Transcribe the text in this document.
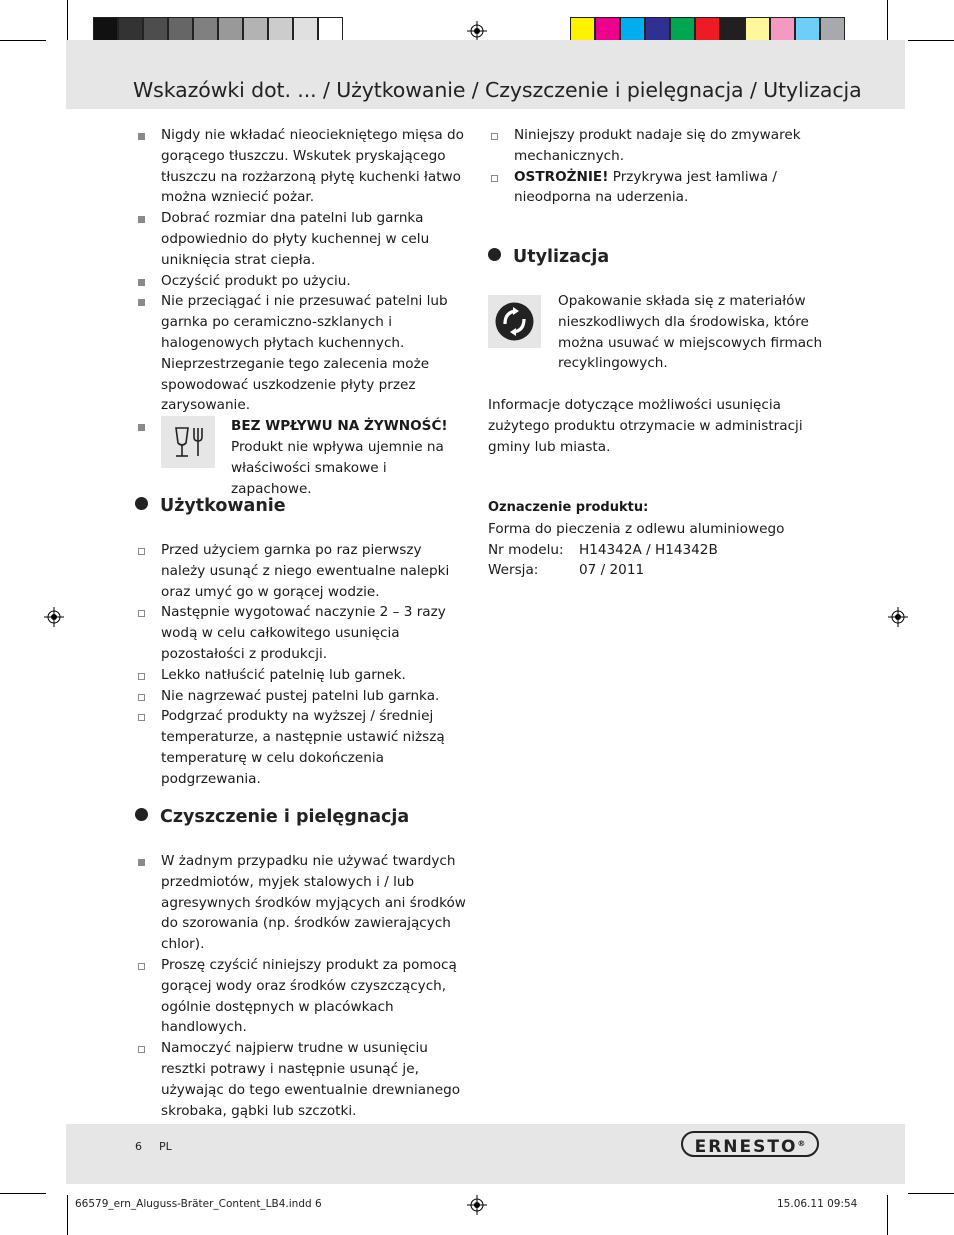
Wskazówki dot. ... / Użytkowanie / Czyszczenie i pielęgnacja / Utylizacja
Nigdy nie wkładać nieociekniętego mięsa do gorącego tłuszczu. Wskutek pryskającego tłuszczu na rozżarzoną płytę kuchenki łatwo można wzniecić pożar.
Dobrać rozmiar dna patelni lub garnka odpowiednio do płyty kuchennej w celu uniknięcia strat ciepła.
Oczyścić produkt po użyciu.
Nie przeciągać i nie przesuwać patelni lub garnka po ceramiczno-szklanych i halogenowych płytach kuchennych. Nieprzestrzeganie tego zalecenia może spowodować uszkodzenie płyty przez zarysowanie.
BEZ WPŁYWU NA ŻYWNOŚĆ!
Produkt nie wpływa ujemnie na właściwości smakowe i zapachowe.
Użytkowanie
Przed użyciem garnka po raz pierwszy należy usunąć z niego ewentualne nalepki oraz umyć go w gorącej wodzie.
Następnie wygotować naczynie 2 – 3 razy wodą w celu całkowitego usunięcia pozostałości z produkcji.
Lekko natłuścić patelnię lub garnek.
Nie nagrzewać pustej patelni lub garnka.
Podgrzać produkty na wyższej / średniej temperaturze, a następnie ustawić niższą temperaturę w celu dokończenia podgrzewania.
Czyszczenie i pielęgnacja
W żadnym przypadku nie używać twardych przedmiotów, myjek stalowych i / lub agresywnych środków myjących ani środków do szorowania (np. środków zawierających chlor).
Proszę czyścić niniejszy produkt za pomocą gorącej wody oraz środków czyszczących, ogólnie dostępnych w placówkach handlowych.
Namoczyć najpierw trudne w usunięciu resztki potrawy i następnie usunąć je, używając do tego ewentualnie drewnianego skrobaka, gąbki lub szczotki.
Niniejszy produkt nadaje się do zmywarek mechanicznych.
OSTROŻNIE! Przykrywa jest łamliwa / nieodporna na uderzenia.
Utylizacja
Opakowanie składa się z materiałów nieszkodliwych dla środowiska, które można usuwać w miejscowych firmach recyklingowych.
Informacje dotyczące możliwości usunięcia zużytego produktu otrzymacie w administracji gminy lub miasta.
Oznaczenie produktu:
Forma do pieczenia z odlewu aluminiowego
Nr modelu: H14342A / H14342B
Wersja:	07 / 2011
6 PL	ERNESTO®
66579_ern_Aluguss-Bräter_Content_LB4.indd 6	15.06.11 09:54
